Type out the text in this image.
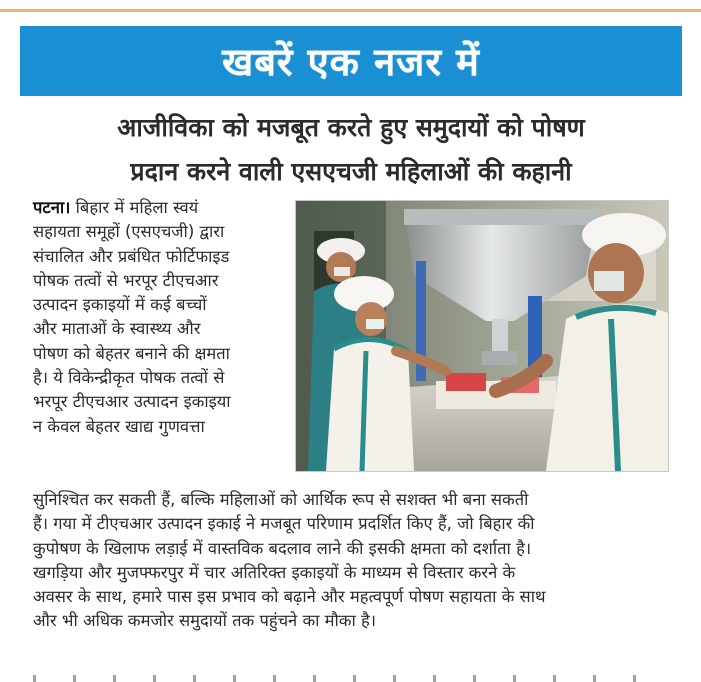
खबरें एक नजर में
आजीविका को मजबूत करते हुए समुदायों को पोषण
प्रदान करने वाली एसएचजी महिलाओं की कहानी
पटना। बिहार में महिला स्वयं
सहायता समूहों (एसएचजी) द्वारा
संचालित और प्रबंधित फोर्टिफाइड
पोषक तत्वों से भरपूर टीएचआर
उत्पादन इकाइयों में कई बच्चों
और माताओं के स्वास्थ्य और
पोषण को बेहतर बनाने की क्षमता
है। ये विकेन्द्रीकृत पोषक तत्वों से
भरपूर टीएचआर उत्पादन इकाइया
न केवल बेहतर खाद्य गुणवत्ता
सुनिश्चित कर सकती हैं, बल्कि महिलाओं को आर्थिक रूप से सशक्त भी बना सकती
हैं। गया में टीएचआर उत्पादन इकाई ने मजबूत परिणाम प्रदर्शित किए हैं, जो बिहार की
कुपोषण के खिलाफ लड़ाई में वास्तविक बदलाव लाने की इसकी क्षमता को दर्शाता है।
खगड़िया और मुजफ्फरपुर में चार अतिरिक्त इकाइयों के माध्यम से विस्तार करने के
अवसर के साथ, हमारे पास इस प्रभाव को बढ़ाने और महत्वपूर्ण पोषण सहायता के साथ
और भी अधिक कमजोर समुदायों तक पहुंचने का मौका है।
